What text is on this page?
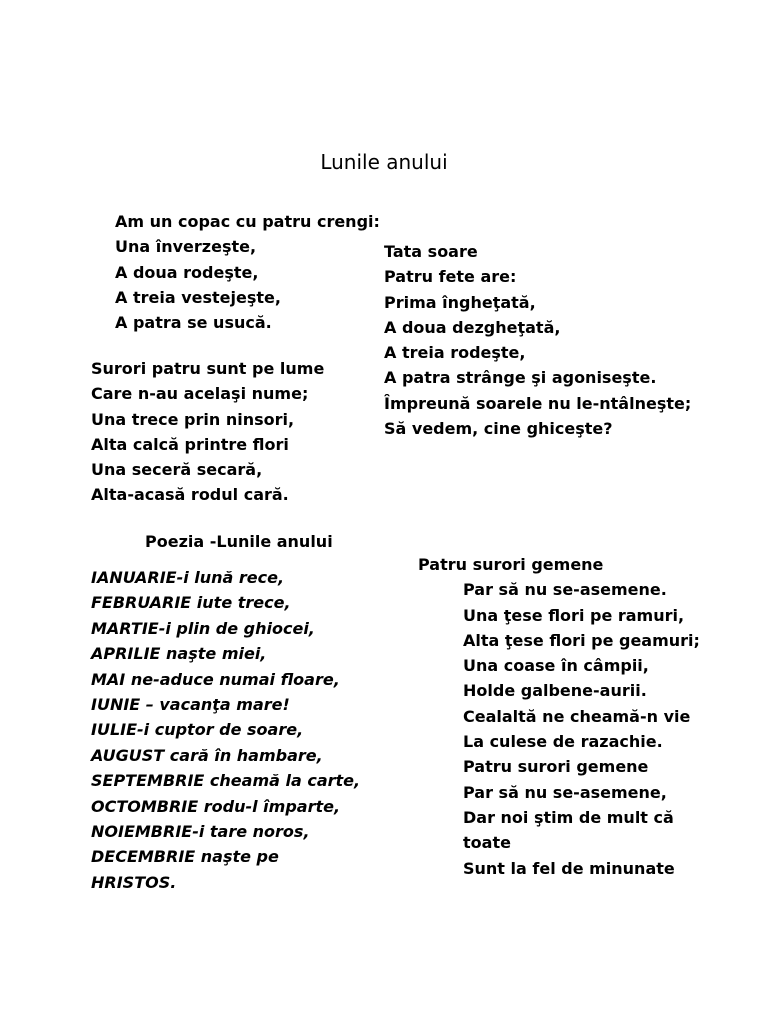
Lunile anului
Am un copac cu patru crengi:
Una înverzeşte,
A doua rodeşte,
A treia vestejeşte,
A patra se usucă.
Tata soare
Patru fete are:
Prima îngheţată,
A doua dezgheţată,
A treia rodeşte,
A patra strânge şi agoniseşte.
Împreună soarele nu le-ntâlneşte;
Să vedem, cine ghiceşte?
Surori patru sunt pe lume
Care n-au acelaşi nume;
Una trece prin ninsori,
Alta calcă printre flori
Una seceră secară,
Alta-acasă rodul cară.
Poezia -Lunile anului
IANUARIE-i lună rece,
FEBRUARIE iute trece,
MARTIE-i plin de ghiocei,
APRILIE naşte miei,
MAI ne-aduce numai floare,
IUNIE – vacanţa mare!
IULIE-i cuptor de soare,
AUGUST cară în hambare,
SEPTEMBRIE cheamă la carte,
OCTOMBRIE rodu-l împarte,
NOIEMBRIE-i tare noros,
DECEMBRIE naşte pe
HRISTOS.
Patru surori gemene
Par să nu se-asemene.
Una ţese flori pe ramuri,
Alta ţese flori pe geamuri;
Una coase în câmpii,
Holde galbene-aurii.
Cealaltă ne cheamă-n vie
La culese de razachie.
Patru surori gemene
Par să nu se-asemene,
Dar noi ştim de mult că
toate
Sunt la fel de minunate
